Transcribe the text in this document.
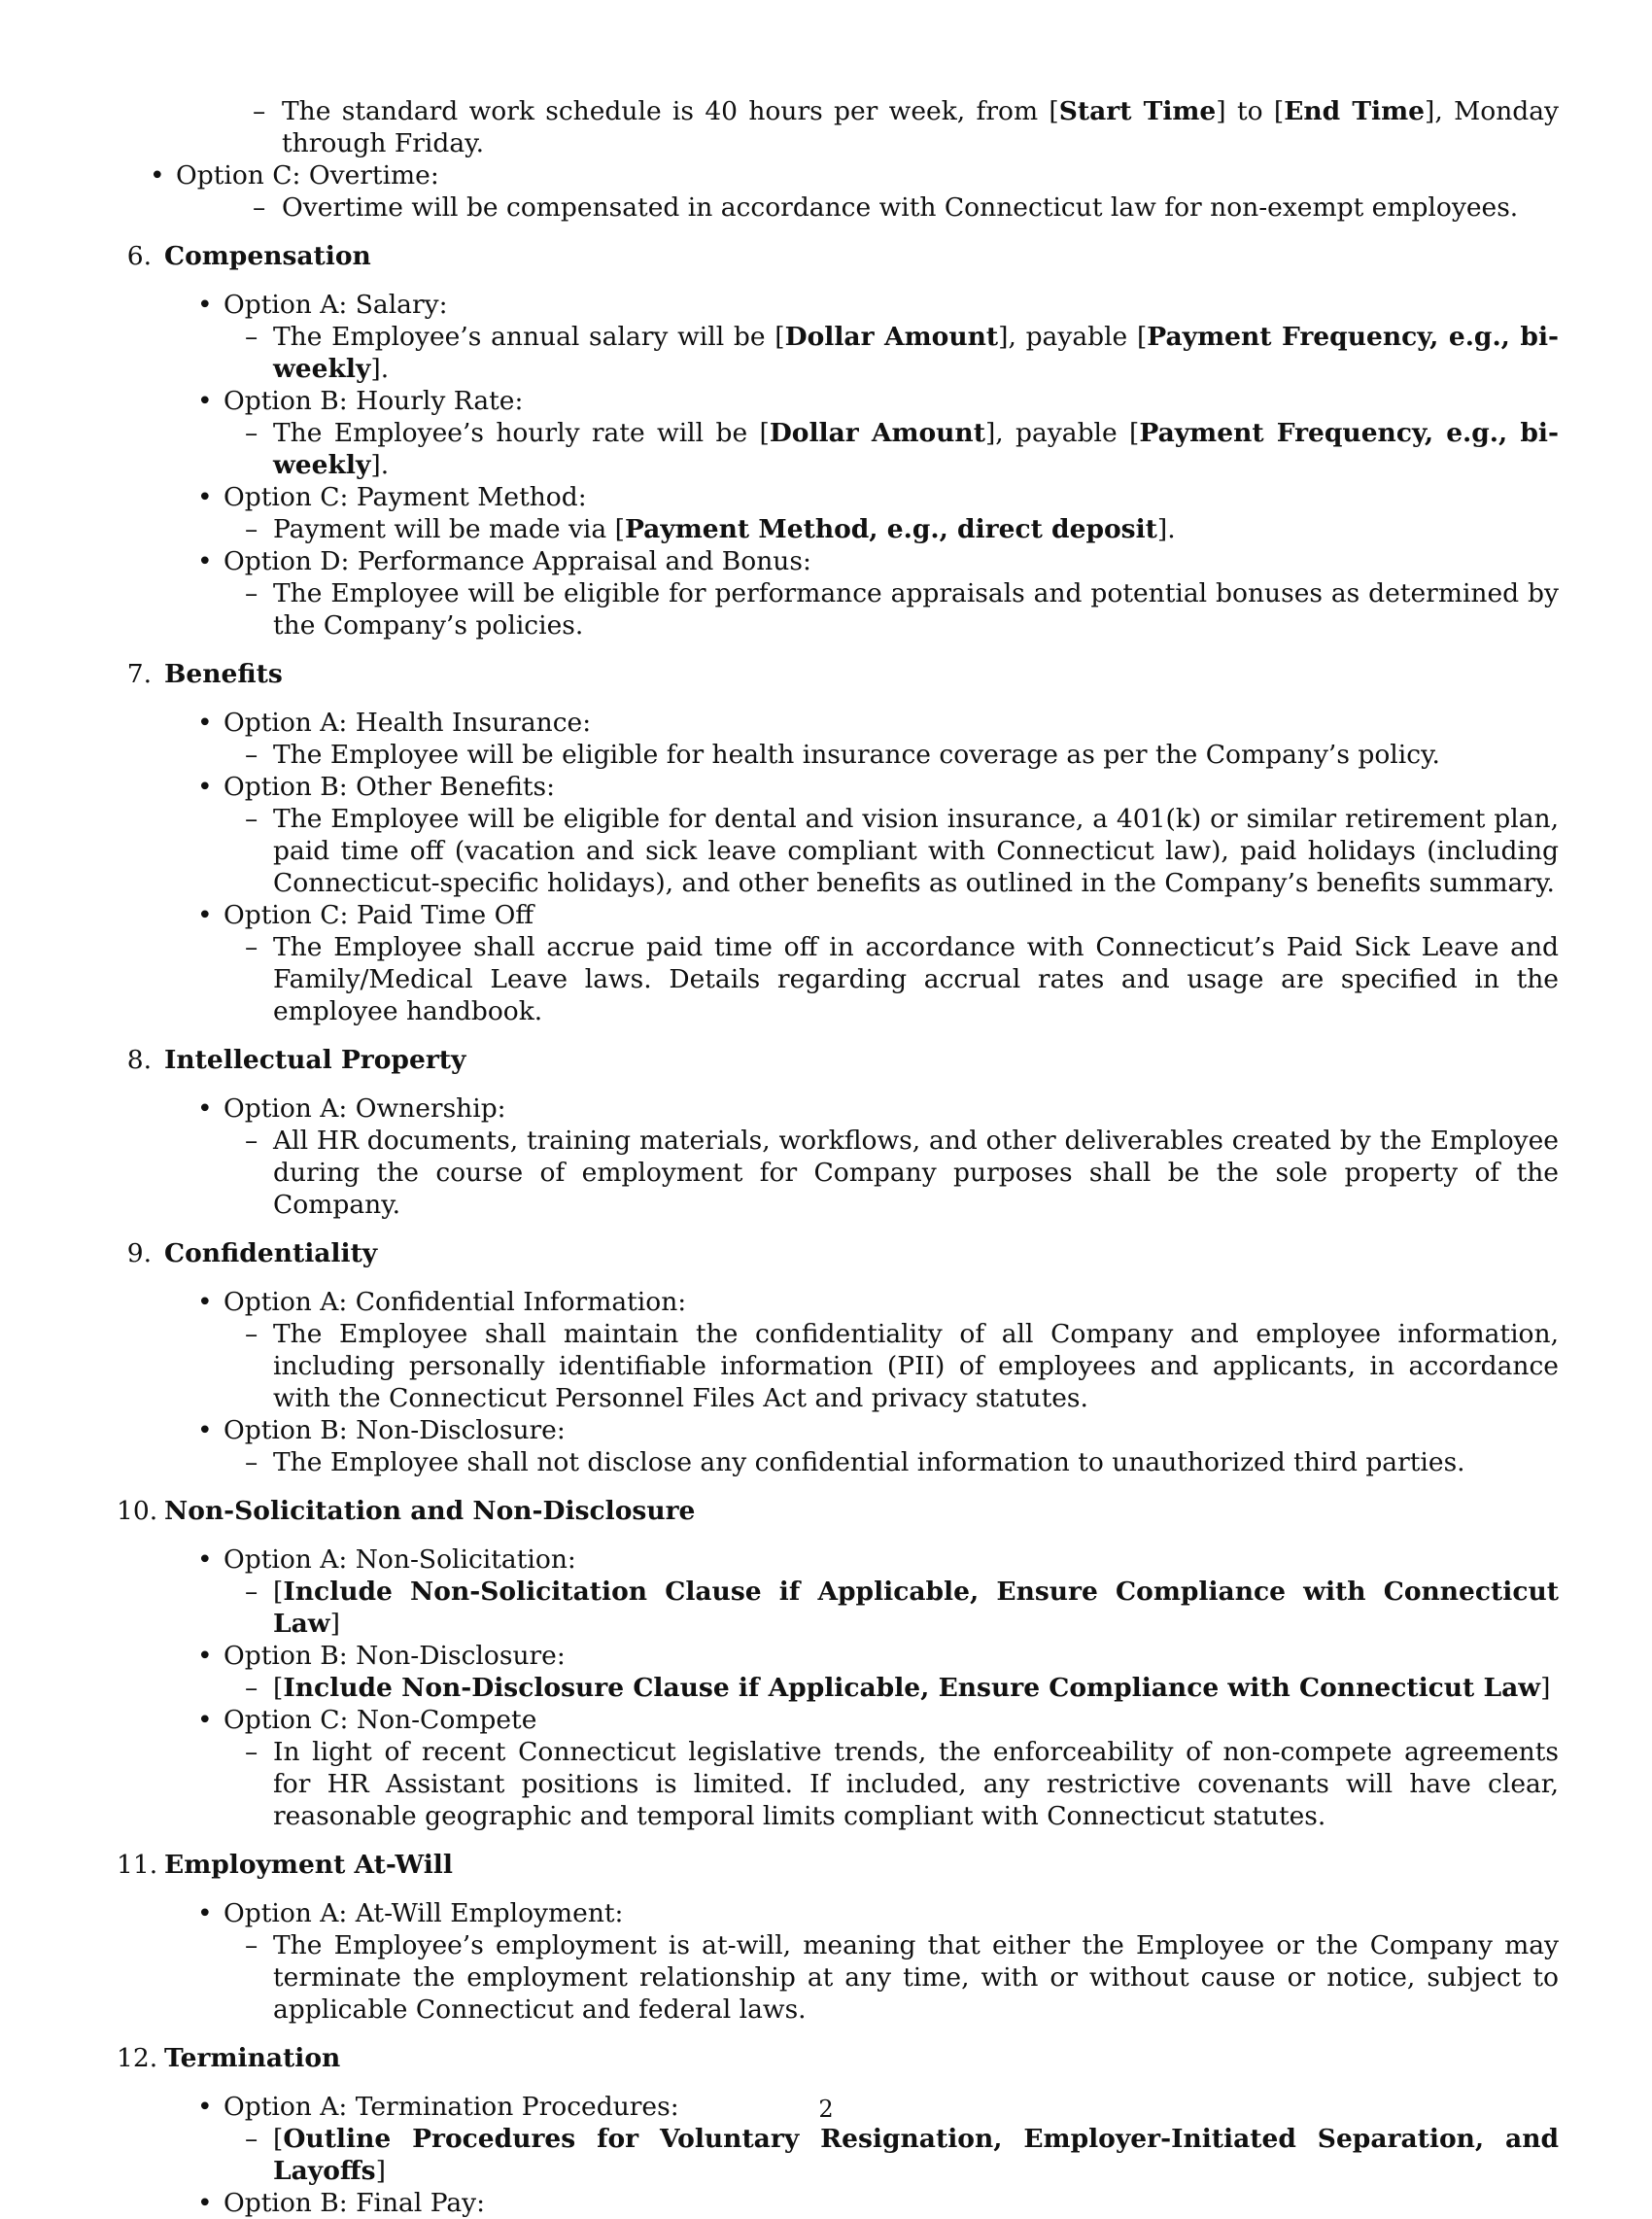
– The standard work schedule is 40 hours per week, from [Start Time] to [End Time], Monday through Friday.
• Option C: Overtime:
– Overtime will be compensated in accordance with Connecticut law for non-exempt employees.
6. Compensation
• Option A: Salary:
– The Employee’s annual salary will be [Dollar Amount], payable [Payment Frequency, e.g., bi-weekly].
• Option B: Hourly Rate:
– The Employee’s hourly rate will be [Dollar Amount], payable [Payment Frequency, e.g., bi-weekly].
• Option C: Payment Method:
– Payment will be made via [Payment Method, e.g., direct deposit].
• Option D: Performance Appraisal and Bonus:
– The Employee will be eligible for performance appraisals and potential bonuses as determined by the Company’s policies.
7. Benefits
• Option A: Health Insurance:
– The Employee will be eligible for health insurance coverage as per the Company’s policy.
• Option B: Other Benefits:
– The Employee will be eligible for dental and vision insurance, a 401(k) or similar retirement plan, paid time off (vacation and sick leave compliant with Connecticut law), paid holidays (including Connecticut-specific holidays), and other benefits as outlined in the Company’s benefits summary.
• Option C: Paid Time Off
– The Employee shall accrue paid time off in accordance with Connecticut’s Paid Sick Leave and Family/Medical Leave laws. Details regarding accrual rates and usage are specified in the employee handbook.
8. Intellectual Property
• Option A: Ownership:
– All HR documents, training materials, workflows, and other deliverables created by the Employee during the course of employment for Company purposes shall be the sole property of the Company.
9. Confidentiality
• Option A: Confidential Information:
– The Employee shall maintain the confidentiality of all Company and employee information, including personally identifiable information (PII) of employees and applicants, in accordance with the Connecticut Personnel Files Act and privacy statutes.
• Option B: Non-Disclosure:
– The Employee shall not disclose any confidential information to unauthorized third parties.
10. Non-Solicitation and Non-Disclosure
• Option A: Non-Solicitation:
– [Include Non-Solicitation Clause if Applicable, Ensure Compliance with Connecticut Law]
• Option B: Non-Disclosure:
– [Include Non-Disclosure Clause if Applicable, Ensure Compliance with Connecticut Law]
• Option C: Non-Compete
– In light of recent Connecticut legislative trends, the enforceability of non-compete agreements for HR Assistant positions is limited. If included, any restrictive covenants will have clear, reasonable geographic and temporal limits compliant with Connecticut statutes.
11. Employment At-Will
• Option A: At-Will Employment:
– The Employee’s employment is at-will, meaning that either the Employee or the Company may terminate the employment relationship at any time, with or without cause or notice, subject to applicable Connecticut and federal laws.
12. Termination
• Option A: Termination Procedures:
– [Outline Procedures for Voluntary Resignation, Employer-Initiated Separation, and Layoffs]
• Option B: Final Pay:
2
